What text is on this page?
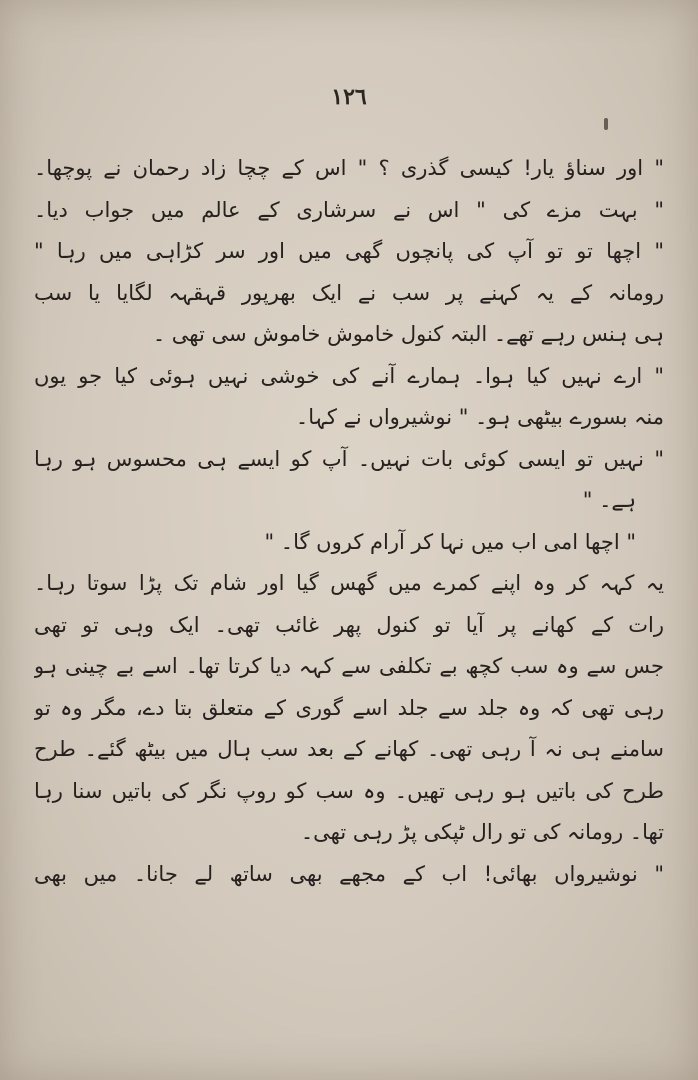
١٢٦
" اور سناؤ یار! کیسی گذری ؟ " اس کے چچا زاد رحمان نے پوچھا۔
" بہت مزے کی " اس نے سرشاری کے عالم میں جواب دیا۔
" اچھا تو تو آپ کی پانچوں گھی میں اور سر کڑاہی میں رہا "
رومانہ کے یہ کہنے پر سب نے ایک بھرپور قہقہہ لگایا یا سب
ہی ہنس رہے تھے۔ البتہ کنول خاموش خاموش سی تھی ۔
" ارے نہیں کیا ہوا۔ ہمارے آنے کی خوشی نہیں ہوئی کیا جو یوں
منہ بسورے بیٹھی ہو۔ " نوشیرواں نے کہا۔
" نہیں تو ایسی کوئی بات نہیں۔ آپ کو ایسے ہی محسوس ہو رہا
ہے۔ "
" اچھا امی اب میں نہا کر آرام کروں گا۔ "
یہ کہہ کر وہ اپنے کمرے میں گھس گیا اور شام تک پڑا سوتا رہا۔
رات کے کھانے پر آیا تو کنول پھر غائب تھی۔ ایک وہی تو تھی
جس سے وہ سب کچھ بے تکلفی سے کہہ دیا کرتا تھا۔ اسے بے چینی ہو
رہی تھی کہ وہ جلد سے جلد اسے گوری کے متعلق بتا دے، مگر وہ تو
سامنے ہی نہ آ رہی تھی۔ کھانے کے بعد سب ہال میں بیٹھ گئے۔ طرح
طرح کی باتیں ہو رہی تھیں۔ وہ سب کو روپ نگر کی باتیں سنا رہا
تھا۔ رومانہ کی تو رال ٹپکی پڑ رہی تھی۔
" نوشیرواں بھائی! اب کے مجھے بھی ساتھ لے جانا۔ میں بھی
